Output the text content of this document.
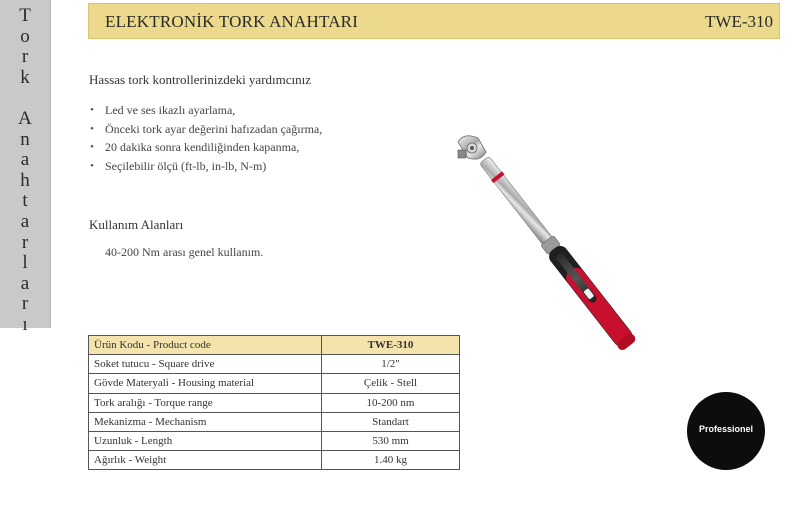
T
o
r
k

A
n
a
h
t
a
r
l
a
r
ı
ELEKTRONİK TORK ANAHTARI	TWE-310
Hassas tork kontrollerinizdeki yardımcınız
• Led ve ses ikazlı ayarlama,
• Önceki tork ayar değerini hafızadan çağırma,
• 20 dakika sonra kendiliğinden kapanma,
• Seçilebilir ölçü (ft-lb, in-lb, N-m)
Kullanım Alanları
40-200 Nm arası genel kullanım.
Ürün Kodu - Product code	TWE-310
Soket tutucu - Square drive	1/2"
Gövde Materyali - Housing material	Çelik - Stell
Tork aralığı - Torque range	10-200 nm
Mekanizma - Mechanism	Standart
Uzunluk - Length	530 mm
Ağırlık - Weight	1.40 kg
Professionel
